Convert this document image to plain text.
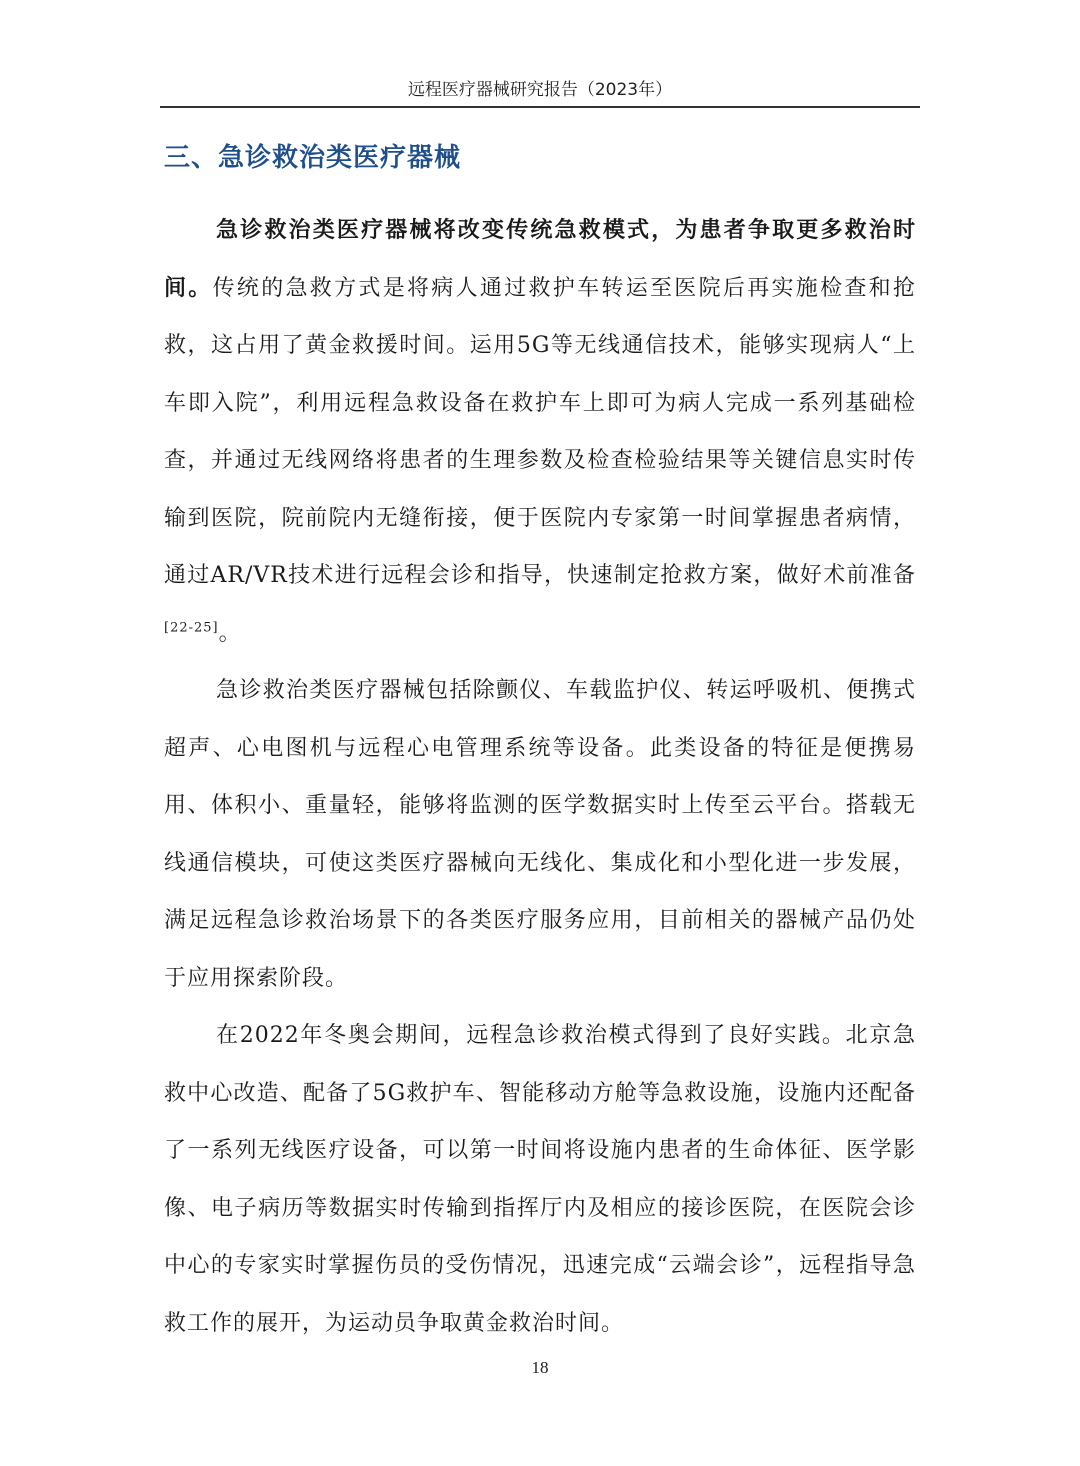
远程医疗器械研究报告（2023年）
三、急诊救治类医疗器械

急诊救治类医疗器械将改变传统急救模式，为患者争取更多救治时间。传统的急救方式是将病人通过救护车转运至医院后再实施检查和抢救，这占用了黄金救援时间。运用5G等无线通信技术，能够实现病人“上车即入院”，利用远程急救设备在救护车上即可为病人完成一系列基础检查，并通过无线网络将患者的生理参数及检查检验结果等关键信息实时传输到医院，院前院内无缝衔接，便于医院内专家第一时间掌握患者病情，通过AR/VR技术进行远程会诊和指导，快速制定抢救方案，做好术前准备[22-25]。

急诊救治类医疗器械包括除颤仪、车载监护仪、转运呼吸机、便携式超声、心电图机与远程心电管理系统等设备。此类设备的特征是便携易用、体积小、重量轻，能够将监测的医学数据实时上传至云平台。搭载无线通信模块，可使这类医疗器械向无线化、集成化和小型化进一步发展，满足远程急诊救治场景下的各类医疗服务应用，目前相关的器械产品仍处于应用探索阶段。

在2022年冬奥会期间，远程急诊救治模式得到了良好实践。北京急救中心改造、配备了5G救护车、智能移动方舱等急救设施，设施内还配备了一系列无线医疗设备，可以第一时间将设施内患者的生命体征、医学影像、电子病历等数据实时传输到指挥厅内及相应的接诊医院，在医院会诊中心的专家实时掌握伤员的受伤情况，迅速完成“云端会诊”，远程指导急救工作的展开，为运动员争取黄金救治时间。

18
